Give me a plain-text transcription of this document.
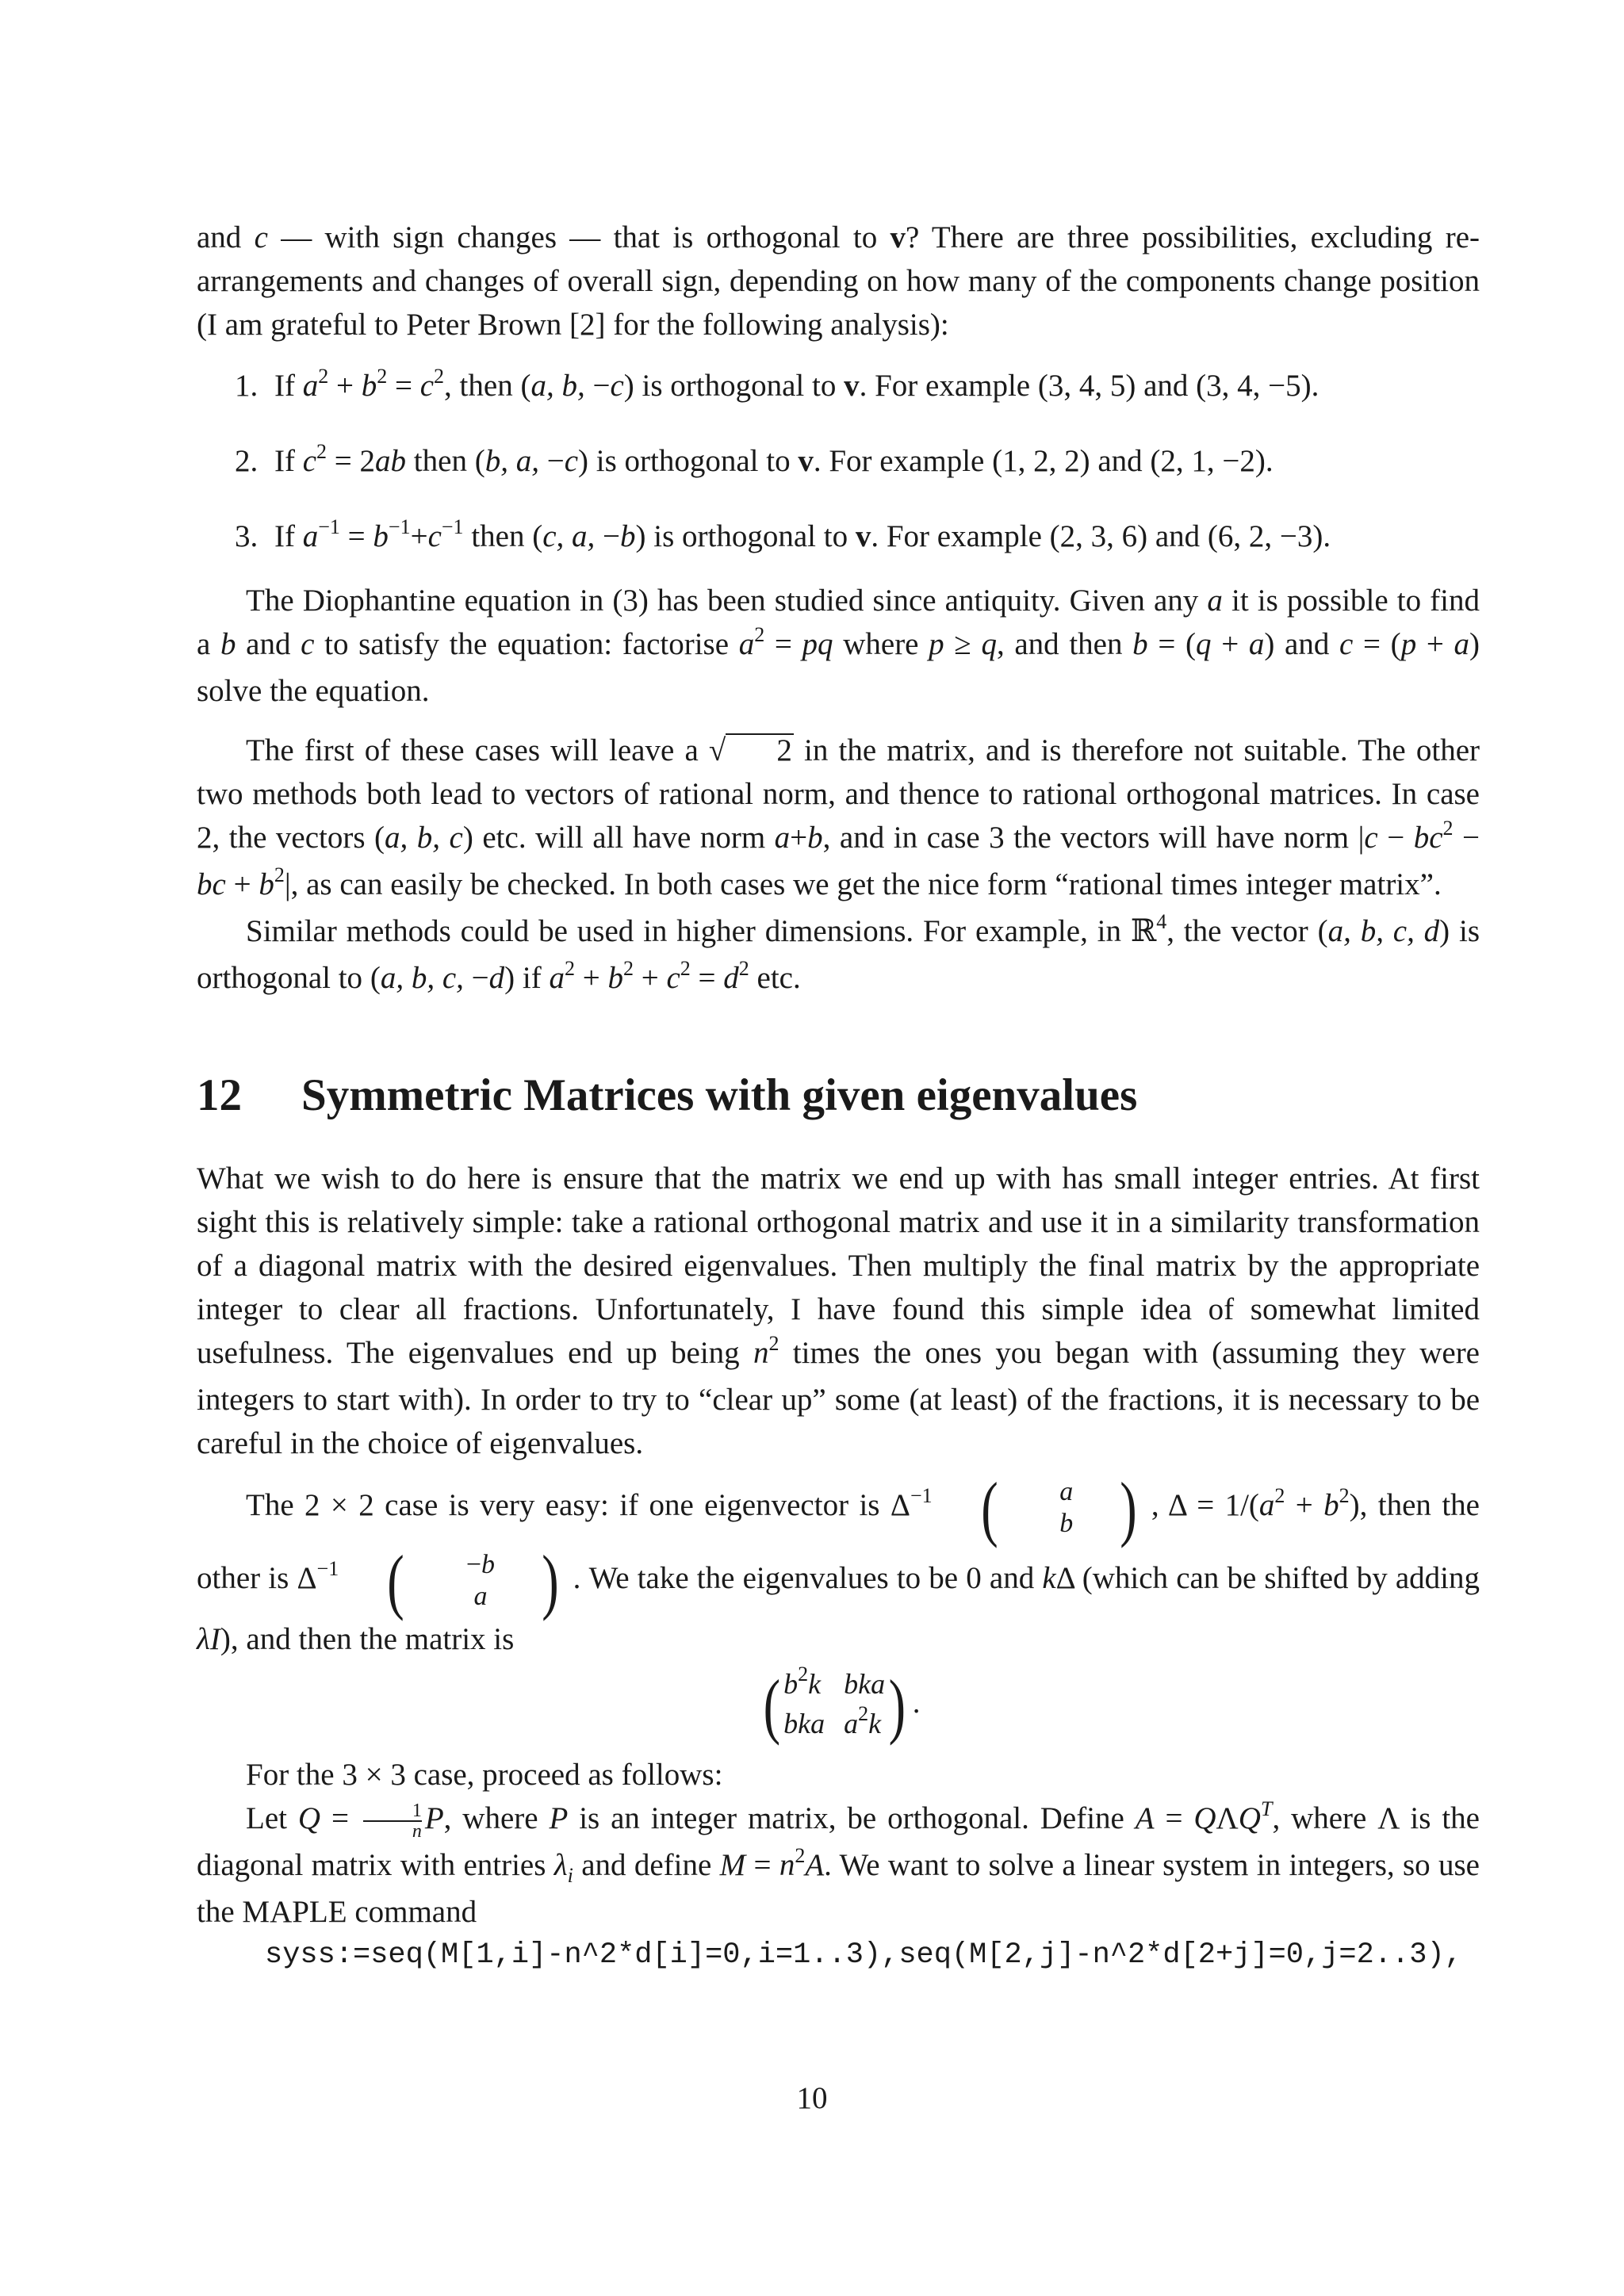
and c — with sign changes — that is orthogonal to v? There are three possibilities, excluding re-arrangements and changes of overall sign, depending on how many of the components change position (I am grateful to Peter Brown [2] for the following analysis):

1. If $a^2 + b^2 = c^2$, then (a, b, −c) is orthogonal to v. For example (3, 4, 5) and (3, 4, −5).
2. If $c^2 = 2ab$ then (b, a, −c) is orthogonal to v. For example (1, 2, 2) and (2, 1, −2).
3. If $a^{-1} = b^{-1}+c^{-1}$ then (c, a, −b) is orthogonal to v. For example (2, 3, 6) and (6, 2, −3).

The Diophantine equation in (3) has been studied since antiquity. Given any a it is possible to find a b and c to satisfy the equation: factorise $a^2$ = pq where p ≥ q, and then b = (q + a) and c = (p + a) solve the equation.

The first of these cases will leave a √ 2 in the matrix, and is therefore not suitable. The other two methods both lead to vectors of rational norm, and thence to rational orthogonal matrices. In case 2, the vectors (a, b, c) etc. will all have norm a+b, and in case 3 the vectors will have norm $|c - bc^2$ − bc + $b^2|$, as can easily be checked. In both cases we get the nice form “rational times integer matrix”.

Similar methods could be used in higher dimensions. For example, in ℝ$^4$, the vector (a, b, c, d) is orthogonal to (a, b, c, −d) if $a^2 + b^2 + c^2 = d^2$ etc.

12 Symmetric Matrices with given eigenvalues

What we wish to do here is ensure that the matrix we end up with has small integer entries. At first sight this is relatively simple: take a rational orthogonal matrix and use it in a similarity transformation of a diagonal matrix with the desired eigenvalues. Then multiply the final matrix by the appropriate integer to clear all fractions. Unfortunately, I have found this simple idea of somewhat limited usefulness. The eigenvalues end up being $n^2$ times the ones you began with (assuming they were integers to start with). In order to try to “clear up” some (at least) of the fractions, it is necessary to be careful in the choice of eigenvalues.

The 2 × 2 case is very easy: if one eigenvector is $\Delta^{-1}$ (	a
b ) , $\Delta = 1/(a^2 + b^2)$, then the other is $\Delta^{-1}$ (	−b
a ) . We take the eigenvalues to be 0 and kΔ (which can be shifted by adding λI), and then the matrix is

( $b^2k$ bka
bka $a^2k$ ) .

For the 3 × 3 case, proceed as follows:

Let $Q = \frac{1}{n} P$, where P is an integer matrix, be orthogonal. Define $A = Q\Lambda Q^T$, where Λ is the diagonal matrix with entries $\lambda_i$ and define $M = n^2A$. We want to solve a linear system in integers, so use the MAPLE command

syss:=seq(M[1,i]-n^2*d[i]=0,i=1..3),seq(M[2,j]-n^2*d[2+j]=0,j=2..3),
10
